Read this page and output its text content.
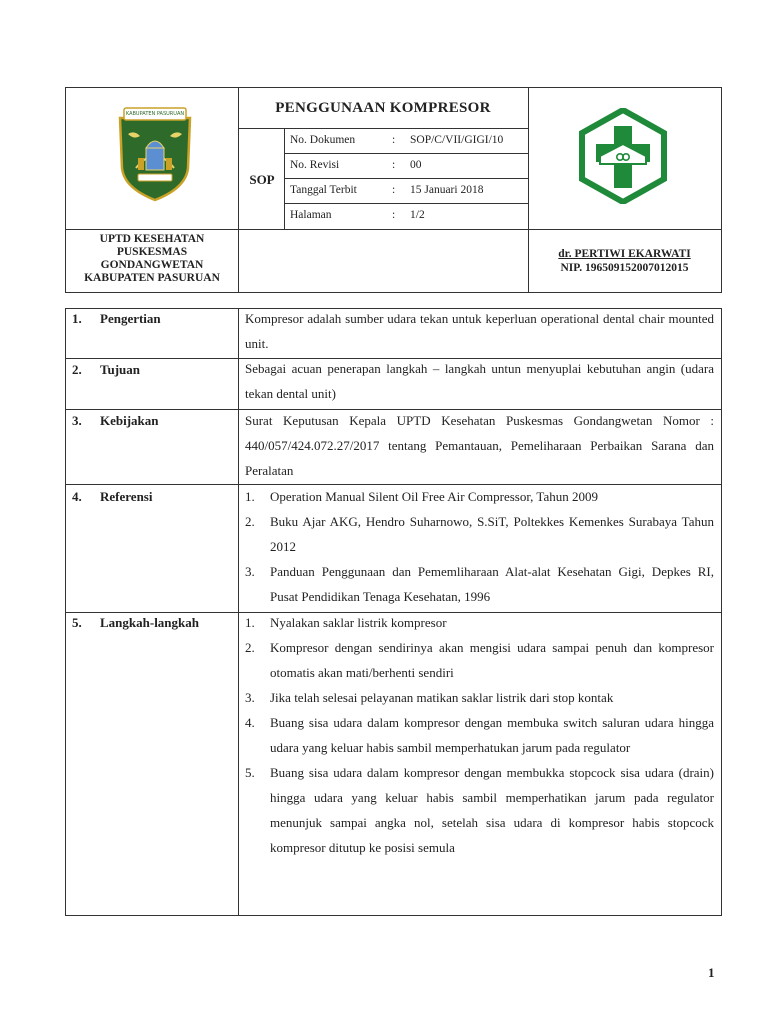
KABUPATEN PASURUAN	PENGGUNAAN KOMPRESOR
SOP
No. Dokumen	: SOP/C/VII/GIGI/10
No. Revisi	: 00
Tanggal Terbit	: 15 Januari 2018
Halaman	: 1/2
UPTD KESEHATAN
PUSKESMAS
GONDANGWETAN
KABUPATEN PASURUAN
dr. PERTIWI EKARWATI
NIP. 196509152007012015
1. Pengertian	Kompresor adalah sumber udara tekan untuk keperluan operational dental chair mounted unit.
2. Tujuan	Sebagai acuan penerapan langkah – langkah untun menyuplai kebutuhan angin (udara tekan dental unit)
3. Kebijakan	Surat Keputusan Kepala UPTD Kesehatan Puskesmas Gondangwetan Nomor : 440/057/424.072.27/2017 tentang Pemantauan, Pemeliharaan Perbaikan Sarana dan Peralatan
4. Referensi	1. Operation Manual Silent Oil Free Air Compressor, Tahun 2009
2. Buku Ajar AKG, Hendro Suharnowo, S.SiT, Poltekkes Kemenkes Surabaya Tahun 2012
3. Panduan Penggunaan dan Pememliharaan Alat-alat Kesehatan Gigi, Depkes RI, Pusat Pendidikan Tenaga Kesehatan, 1996
5. Langkah-langkah	1. Nyalakan saklar listrik kompresor
2. Kompresor dengan sendirinya akan mengisi udara sampai penuh dan kompresor otomatis akan mati/berhenti sendiri
3. Jika telah selesai pelayanan matikan saklar listrik dari stop kontak
4. Buang sisa udara dalam kompresor dengan membuka switch saluran udara hingga udara yang keluar habis sambil memperhatukan jarum pada regulator
5. Buang sisa udara dalam kompresor dengan membukka stopcock sisa udara (drain) hingga udara yang keluar habis sambil memperhatikan jarum pada regulator menunjuk sampai angka nol, setelah sisa udara di kompresor habis stopcock kompresor ditutup ke posisi semula
1
